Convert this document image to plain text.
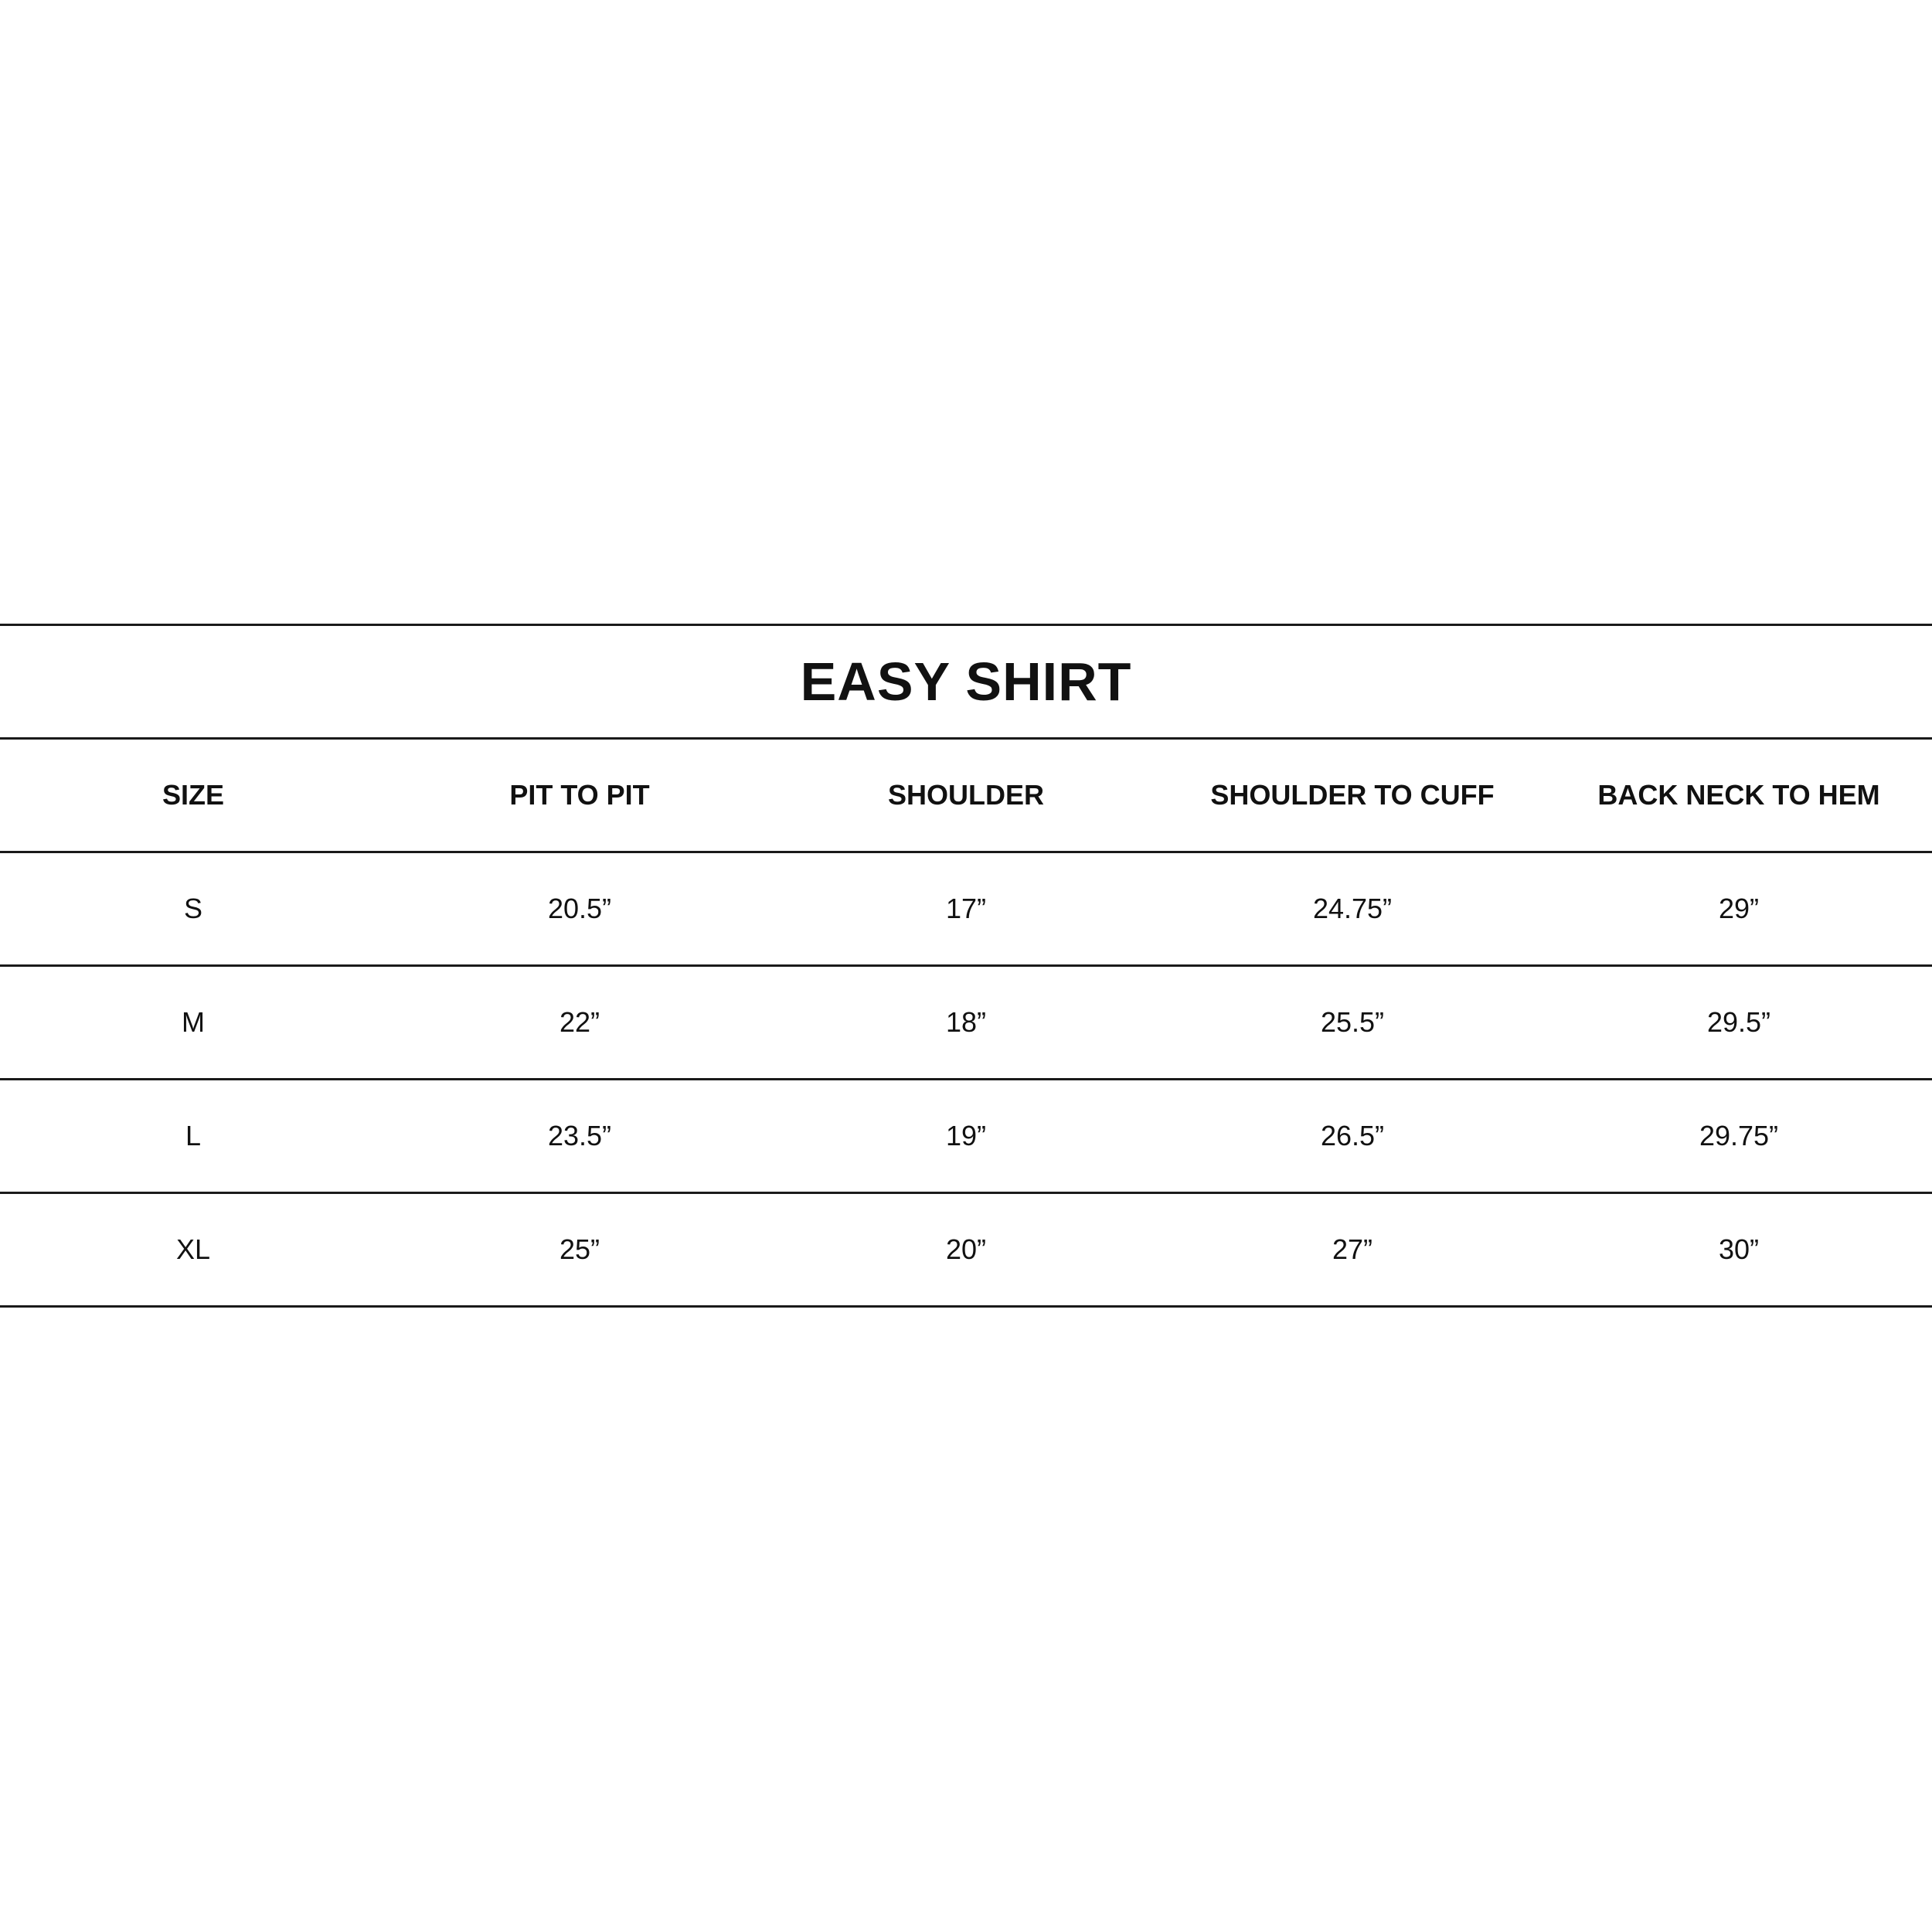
EASY SHIRT
SIZE	PIT TO PIT	SHOULDER	SHOULDER TO CUFF	BACK NECK TO HEM
S	20.5”	17”	24.75”	29”
M	22”	18”	25.5”	29.5”
L	23.5”	19”	26.5”	29.75”
XL	25”	20”	27”	30”
